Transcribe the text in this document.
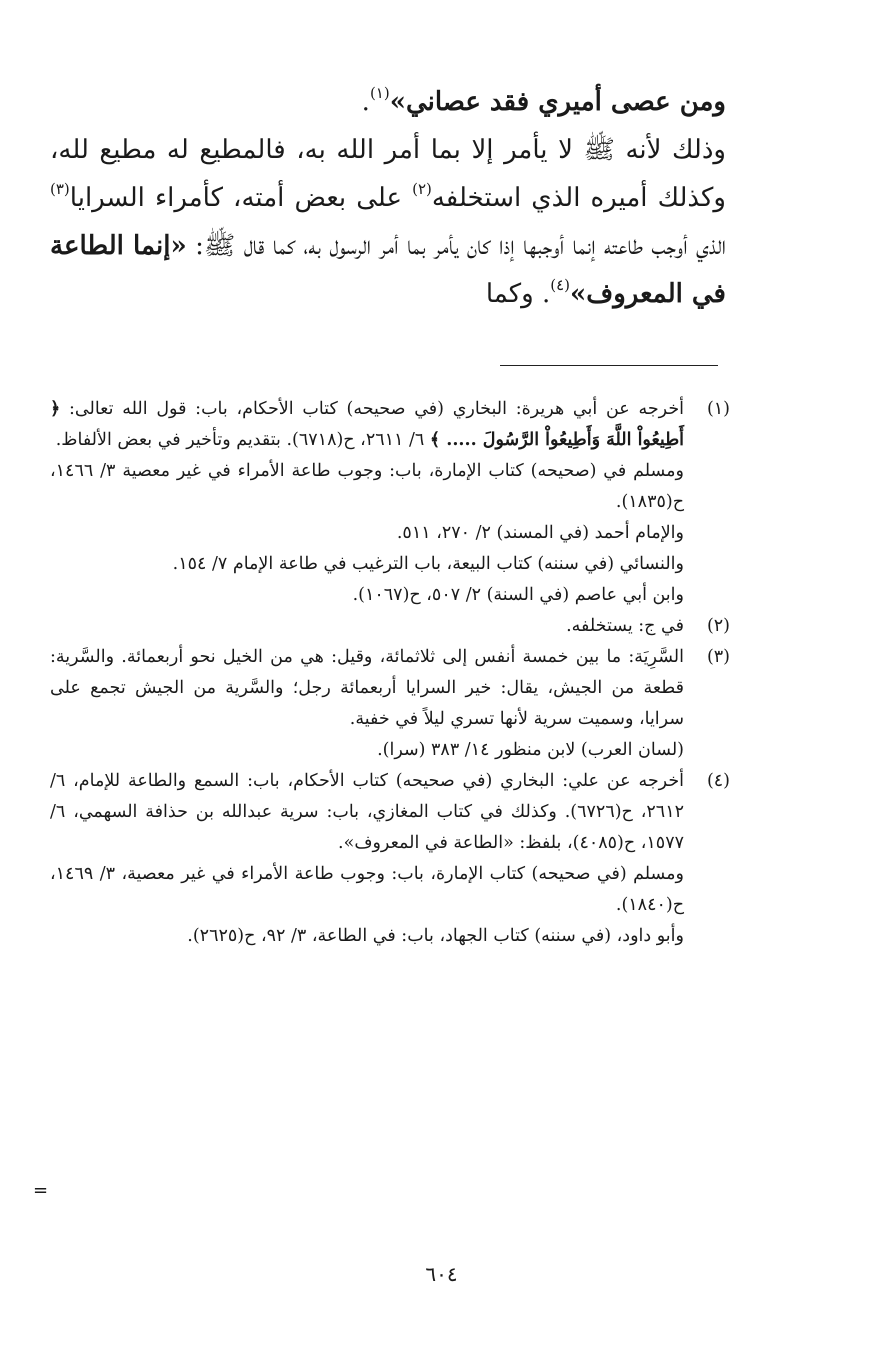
ومن عصى أميري فقد عصاني»$^{(١)}$.

وذلك لأنه ﷺ لا يأمر إلا بما أمر الله به، فالمطيع له مطيع لله، وكذلك أميره الذي استخلفه$^{(٢)}$ على بعض أمته، كأمراء السرايا$^{(٣)}$ الذي أوجب طاعته إنما أوجبها إذا كان يأمر بما أمر الرسول به، كما قال ﷺ: «إنما الطاعة في المعروف»$^{(٤)}$. وكما

(١)

أخرجه عن أبي هريرة: البخاري (في صحيحه) كتاب الأحكام، باب: قول الله تعالى: ﴿ أَطِيعُواْ اللَّهَ وَأَطِيعُواْ الرَّسُولَ ..... ﴾ ٦/ ٢٦١١، ح(٦٧١٨). بتقديم وتأخير في بعض الألفاظ.

ومسلم في (صحيحه) كتاب الإمارة، باب: وجوب طاعة الأمراء في غير معصية ٣/ ١٤٦٦، ح(١٨٣٥).

والإمام أحمد (في المسند) ٢/ ٢٧٠، ٥١١.

والنسائي (في سننه) كتاب البيعة، باب الترغيب في طاعة الإمام ٧/ ١٥٤.

وابن أبي عاصم (في السنة) ٢/ ٥٠٧، ح(١٠٦٧).

(٢)

في ج: يستخلفه.

(٣)

السَّرِيَة: ما بين خمسة أنفس إلى ثلاثمائة، وقيل: هي من الخيل نحو أربعمائة. والسَّرية: قطعة من الجيش، يقال: خير السرايا أربعمائة رجل؛ والسَّرية من الجيش تجمع على سرايا، وسميت سرية لأنها تسري ليلاً في خفية.

(لسان العرب) لابن منظور ١٤/ ٣٨٣ (سرا).

(٤)

أخرجه عن علي: البخاري (في صحيحه) كتاب الأحكام، باب: السمع والطاعة للإمام، ٦/ ٢٦١٢، ح(٦٧٢٦). وكذلك في كتاب المغازي، باب: سرية عبدالله بن حذافة السهمي، ٦/ ١٥٧٧، ح(٤٠٨٥)، بلفظ: «الطاعة في المعروف».

ومسلم (في صحيحه) كتاب الإمارة، باب: وجوب طاعة الأمراء في غير معصية، ٣/ ١٤٦٩، ح(١٨٤٠).

وأبو داود، (في سننه) كتاب الجهاد، باب: في الطاعة، ٣/ ٩٢، ح(٢٦٢٥).

=
٦٠٤
